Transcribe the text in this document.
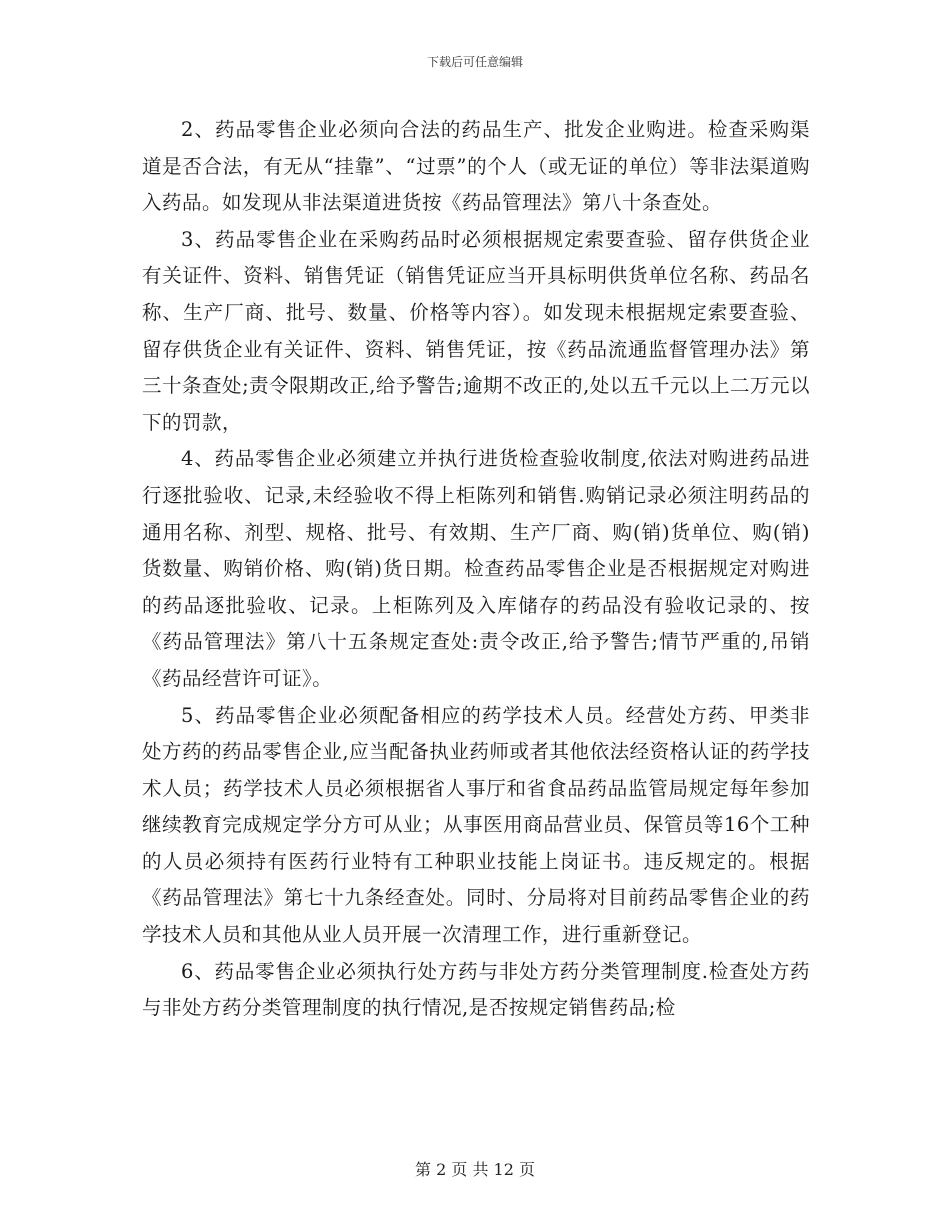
下载后可任意编辑

2、药品零售企业必须向合法的药品生产、批发企业购进。检查采购渠道是否合法，有无从“挂靠”、“过票”的个人（或无证的单位）等非法渠道购入药品。如发现从非法渠道进货按《药品管理法》第八十条查处。

3、药品零售企业在采购药品时必须根据规定索要查验、留存供货企业有关证件、资料、销售凭证（销售凭证应当开具标明供货单位名称、药品名称、生产厂商、批号、数量、价格等内容）。如发现未根据规定索要查验、留存供货企业有关证件、资料、销售凭证，按《药品流通监督管理办法》第三十条查处;责令限期改正,给予警告;逾期不改正的,处以五千元以上二万元以下的罚款，

4、药品零售企业必须建立并执行进货检查验收制度,依法对购进药品进行逐批验收、记录,未经验收不得上柜陈列和销售.购销记录必须注明药品的通用名称、剂型、规格、批号、有效期、生产厂商、购(销)货单位、购(销)货数量、购销价格、购(销)货日期。检查药品零售企业是否根据规定对购进的药品逐批验收、记录。上柜陈列及入库储存的药品没有验收记录的、按《药品管理法》第八十五条规定查处:责令改正,给予警告;情节严重的,吊销《药品经营许可证》。

5、药品零售企业必须配备相应的药学技术人员。经营处方药、甲类非处方药的药品零售企业,应当配备执业药师或者其他依法经资格认证的药学技术人员；药学技术人员必须根据省人事厅和省食品药品监管局规定每年参加继续教育完成规定学分方可从业；从事医用商品营业员、保管员等16个工种的人员必须持有医药行业特有工种职业技能上岗证书。违反规定的。根据《药品管理法》第七十九条经查处。同时、分局将对目前药品零售企业的药学技术人员和其他从业人员开展一次清理工作，进行重新登记。

6、药品零售企业必须执行处方药与非处方药分类管理制度.检查处方药与非处方药分类管理制度的执行情况,是否按规定销售药品;检

第 2 页 共 12 页
